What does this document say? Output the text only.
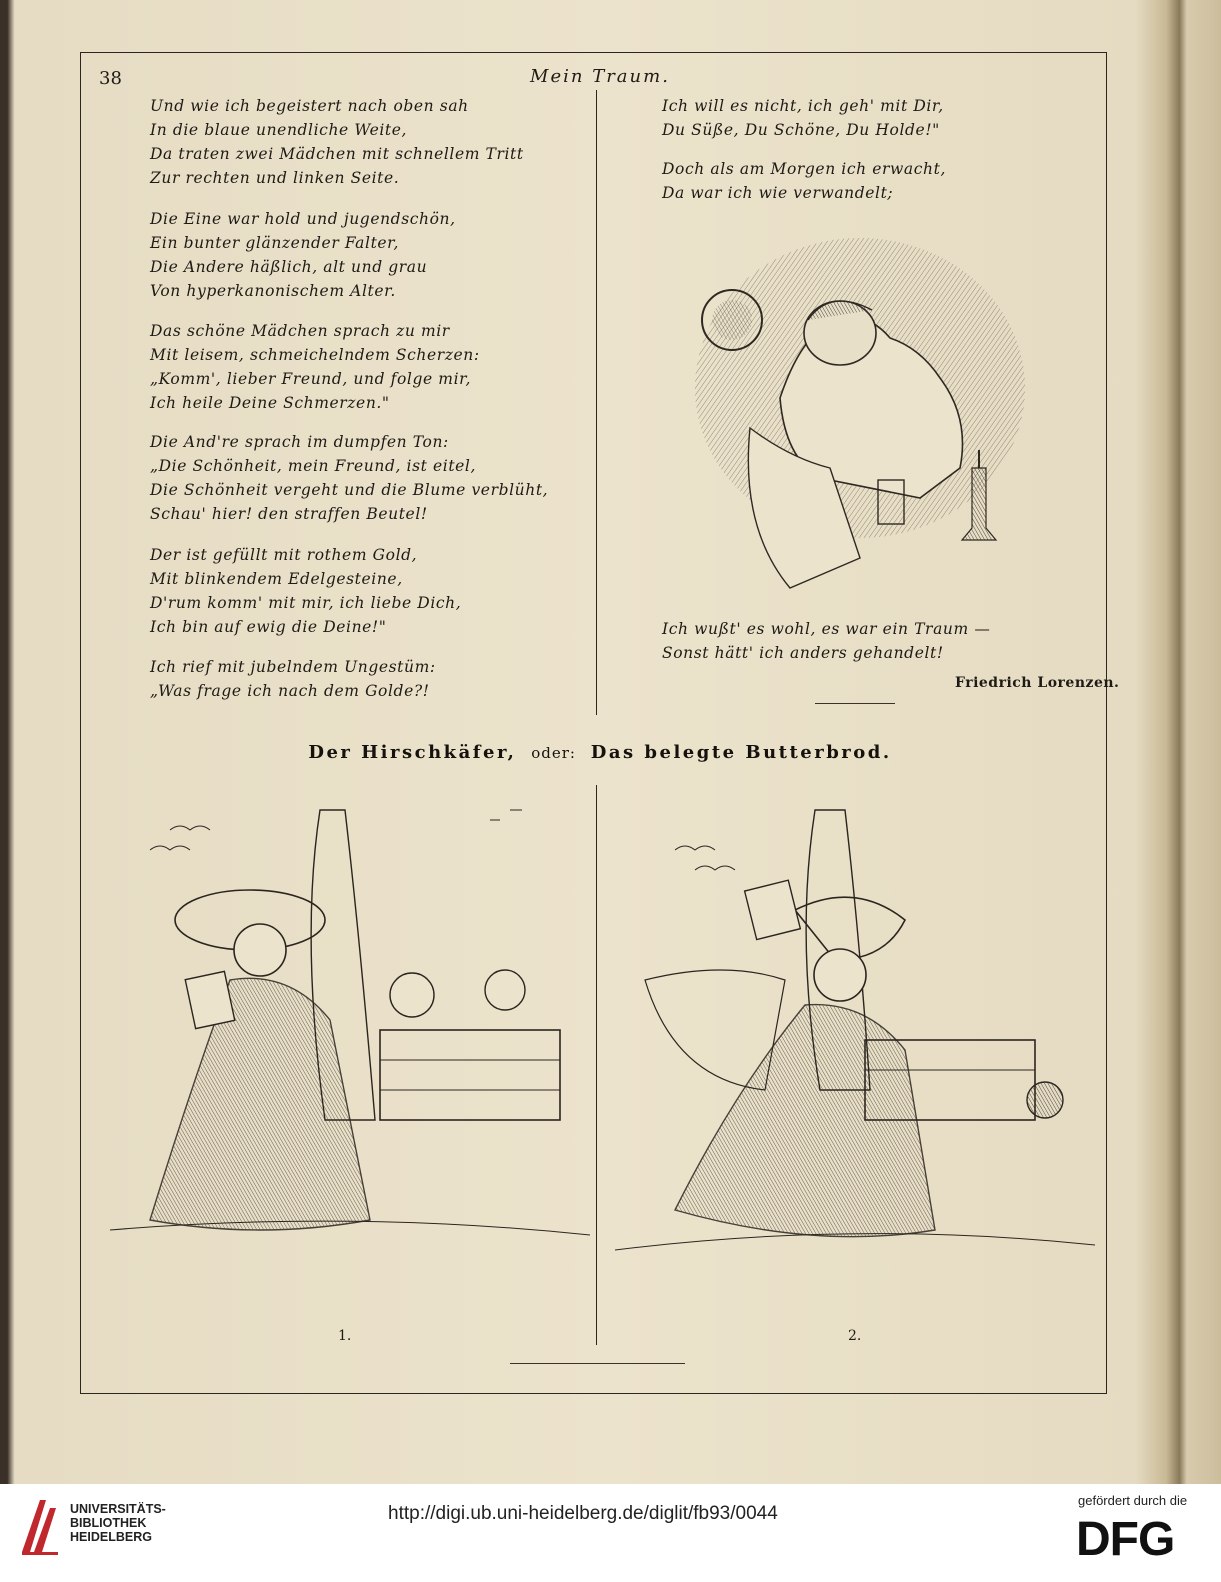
38	Mein Traum.
Und wie ich begeistert nach oben sah
In die blaue unendliche Weite,
Da traten zwei Mädchen mit schnellem Tritt
Zur rechten und linken Seite.
Die Eine war hold und jugendschön,
Ein bunter glänzender Falter,
Die Andere häßlich, alt und grau
Von hyperkanonischem Alter.
Das schöne Mädchen sprach zu mir
Mit leisem, schmeichelndem Scherzen:
„Komm', lieber Freund, und folge mir,
Ich heile Deine Schmerzen."
Die And're sprach im dumpfen Ton:
„Die Schönheit, mein Freund, ist eitel,
Die Schönheit vergeht und die Blume verblüht,
Schau' hier! den straffen Beutel!
Der ist gefüllt mit rothem Gold,
Mit blinkendem Edelgesteine,
D'rum komm' mit mir, ich liebe Dich,
Ich bin auf ewig die Deine!"
Ich rief mit jubelndem Ungestüm:
„Was frage ich nach dem Golde?!
Ich will es nicht, ich geh' mit Dir,
Du Süße, Du Schöne, Du Holde!"
Doch als am Morgen ich erwacht,
Da war ich wie verwandelt;
Ich wußt' es wohl, es war ein Traum —
Sonst hätt' ich anders gehandelt!
Friedrich Lorenzen.
Der Hirschkäfer, oder: Das belegte Butterbrod.
1.	2.
UNIVERSITÄTS-
BIBLIOTHEK
HEIDELBERG
http://digi.ub.uni-heidelberg.de/diglit/fb93/0044
gefördert durch die
DFG
